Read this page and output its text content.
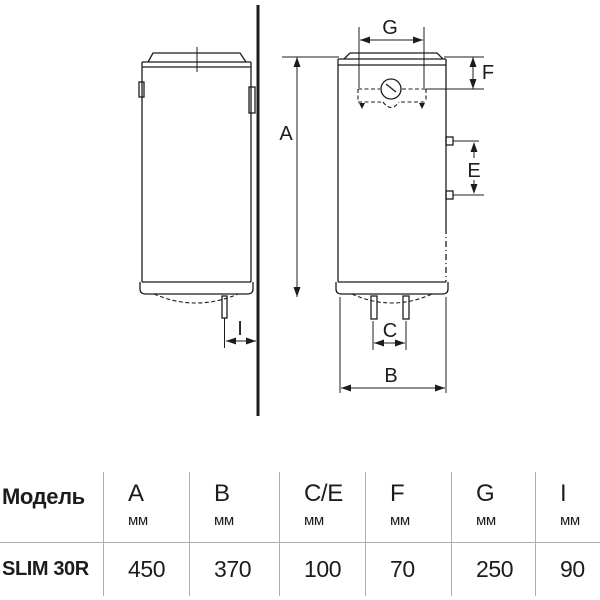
A
G
F
E
C
B
I
Модель	A
мм
B
мм
C/E
мм
F
мм
G
мм
I
мм
SLIM 30R 450 370 100 70	250 90
